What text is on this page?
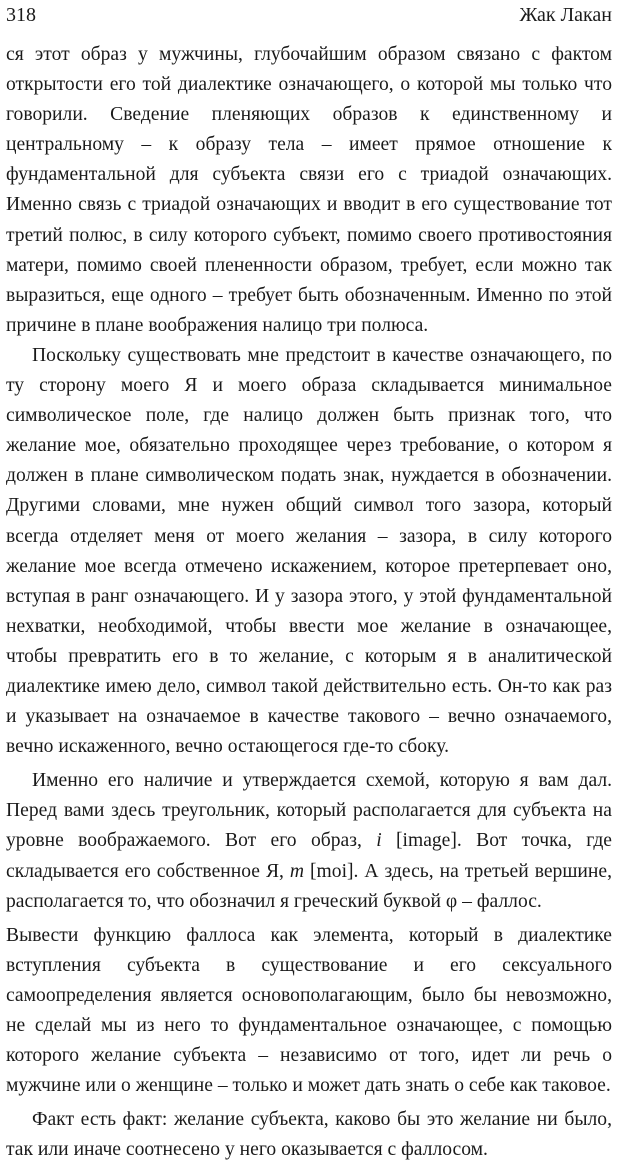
318	Жак Лакан

ся этот образ у мужчины, глубочайшим образом связано с фактом открытости его той диалектике означающего, о которой мы только что говорили. Сведение пленяющих образов к единственному и центральному – к образу тела – имеет прямое отношение к фундаментальной для субъекта связи его с триадой означающих. Именно связь с триадой означающих и вводит в его существование тот третий полюс, в силу которого субъект, помимо своего противостояния матери, помимо своей плененности образом, требует, если можно так выразиться, еще одного – требует быть обозначенным. Именно по этой причине в плане воображения налицо три полюса.

Поскольку существовать мне предстоит в качестве означающего, по ту сторону моего Я и моего образа складывается минимальное символическое поле, где налицо должен быть признак того, что желание мое, обязательно проходящее через требование, о котором я должен в плане символическом подать знак, нуждается в обозначении. Другими словами, мне нужен общий символ того зазора, который всегда отделяет меня от моего желания – зазора, в силу которого желание мое всегда отмечено искажением, которое претерпевает оно, вступая в ранг означающего. И у зазора этого, у этой фундаментальной нехватки, необходимой, чтобы ввести мое желание в означающее, чтобы превратить его в то желание, с которым я в аналитической диалектике имею дело, символ такой действительно есть. Он-то как раз и указывает на означаемое в качестве такового – вечно означаемого, вечно искаженного, вечно остающегося где-то сбоку.

Именно его наличие и утверждается схемой, которую я вам дал. Перед вами здесь треугольник, который располагается для субъекта на уровне воображаемого. Вот его образ, i [image]. Вот точка, где складывается его собственное Я, m [moi]. А здесь, на третьей вершине, располагается то, что обозначил я греческий буквой φ – фаллос.

Вывести функцию фаллоса как элемента, который в диалектике вступления субъекта в существование и его сексуального самоопределения является основополагающим, было бы невозможно, не сделай мы из него то фундаментальное означающее, с помощью которого желание субъекта – независимо от того, идет ли речь о мужчине или о женщине – только и может дать знать о себе как таковое.

Факт есть факт: желание субъекта, каково бы это желание ни было, так или иначе соотнесено у него оказывается с фаллосом.
